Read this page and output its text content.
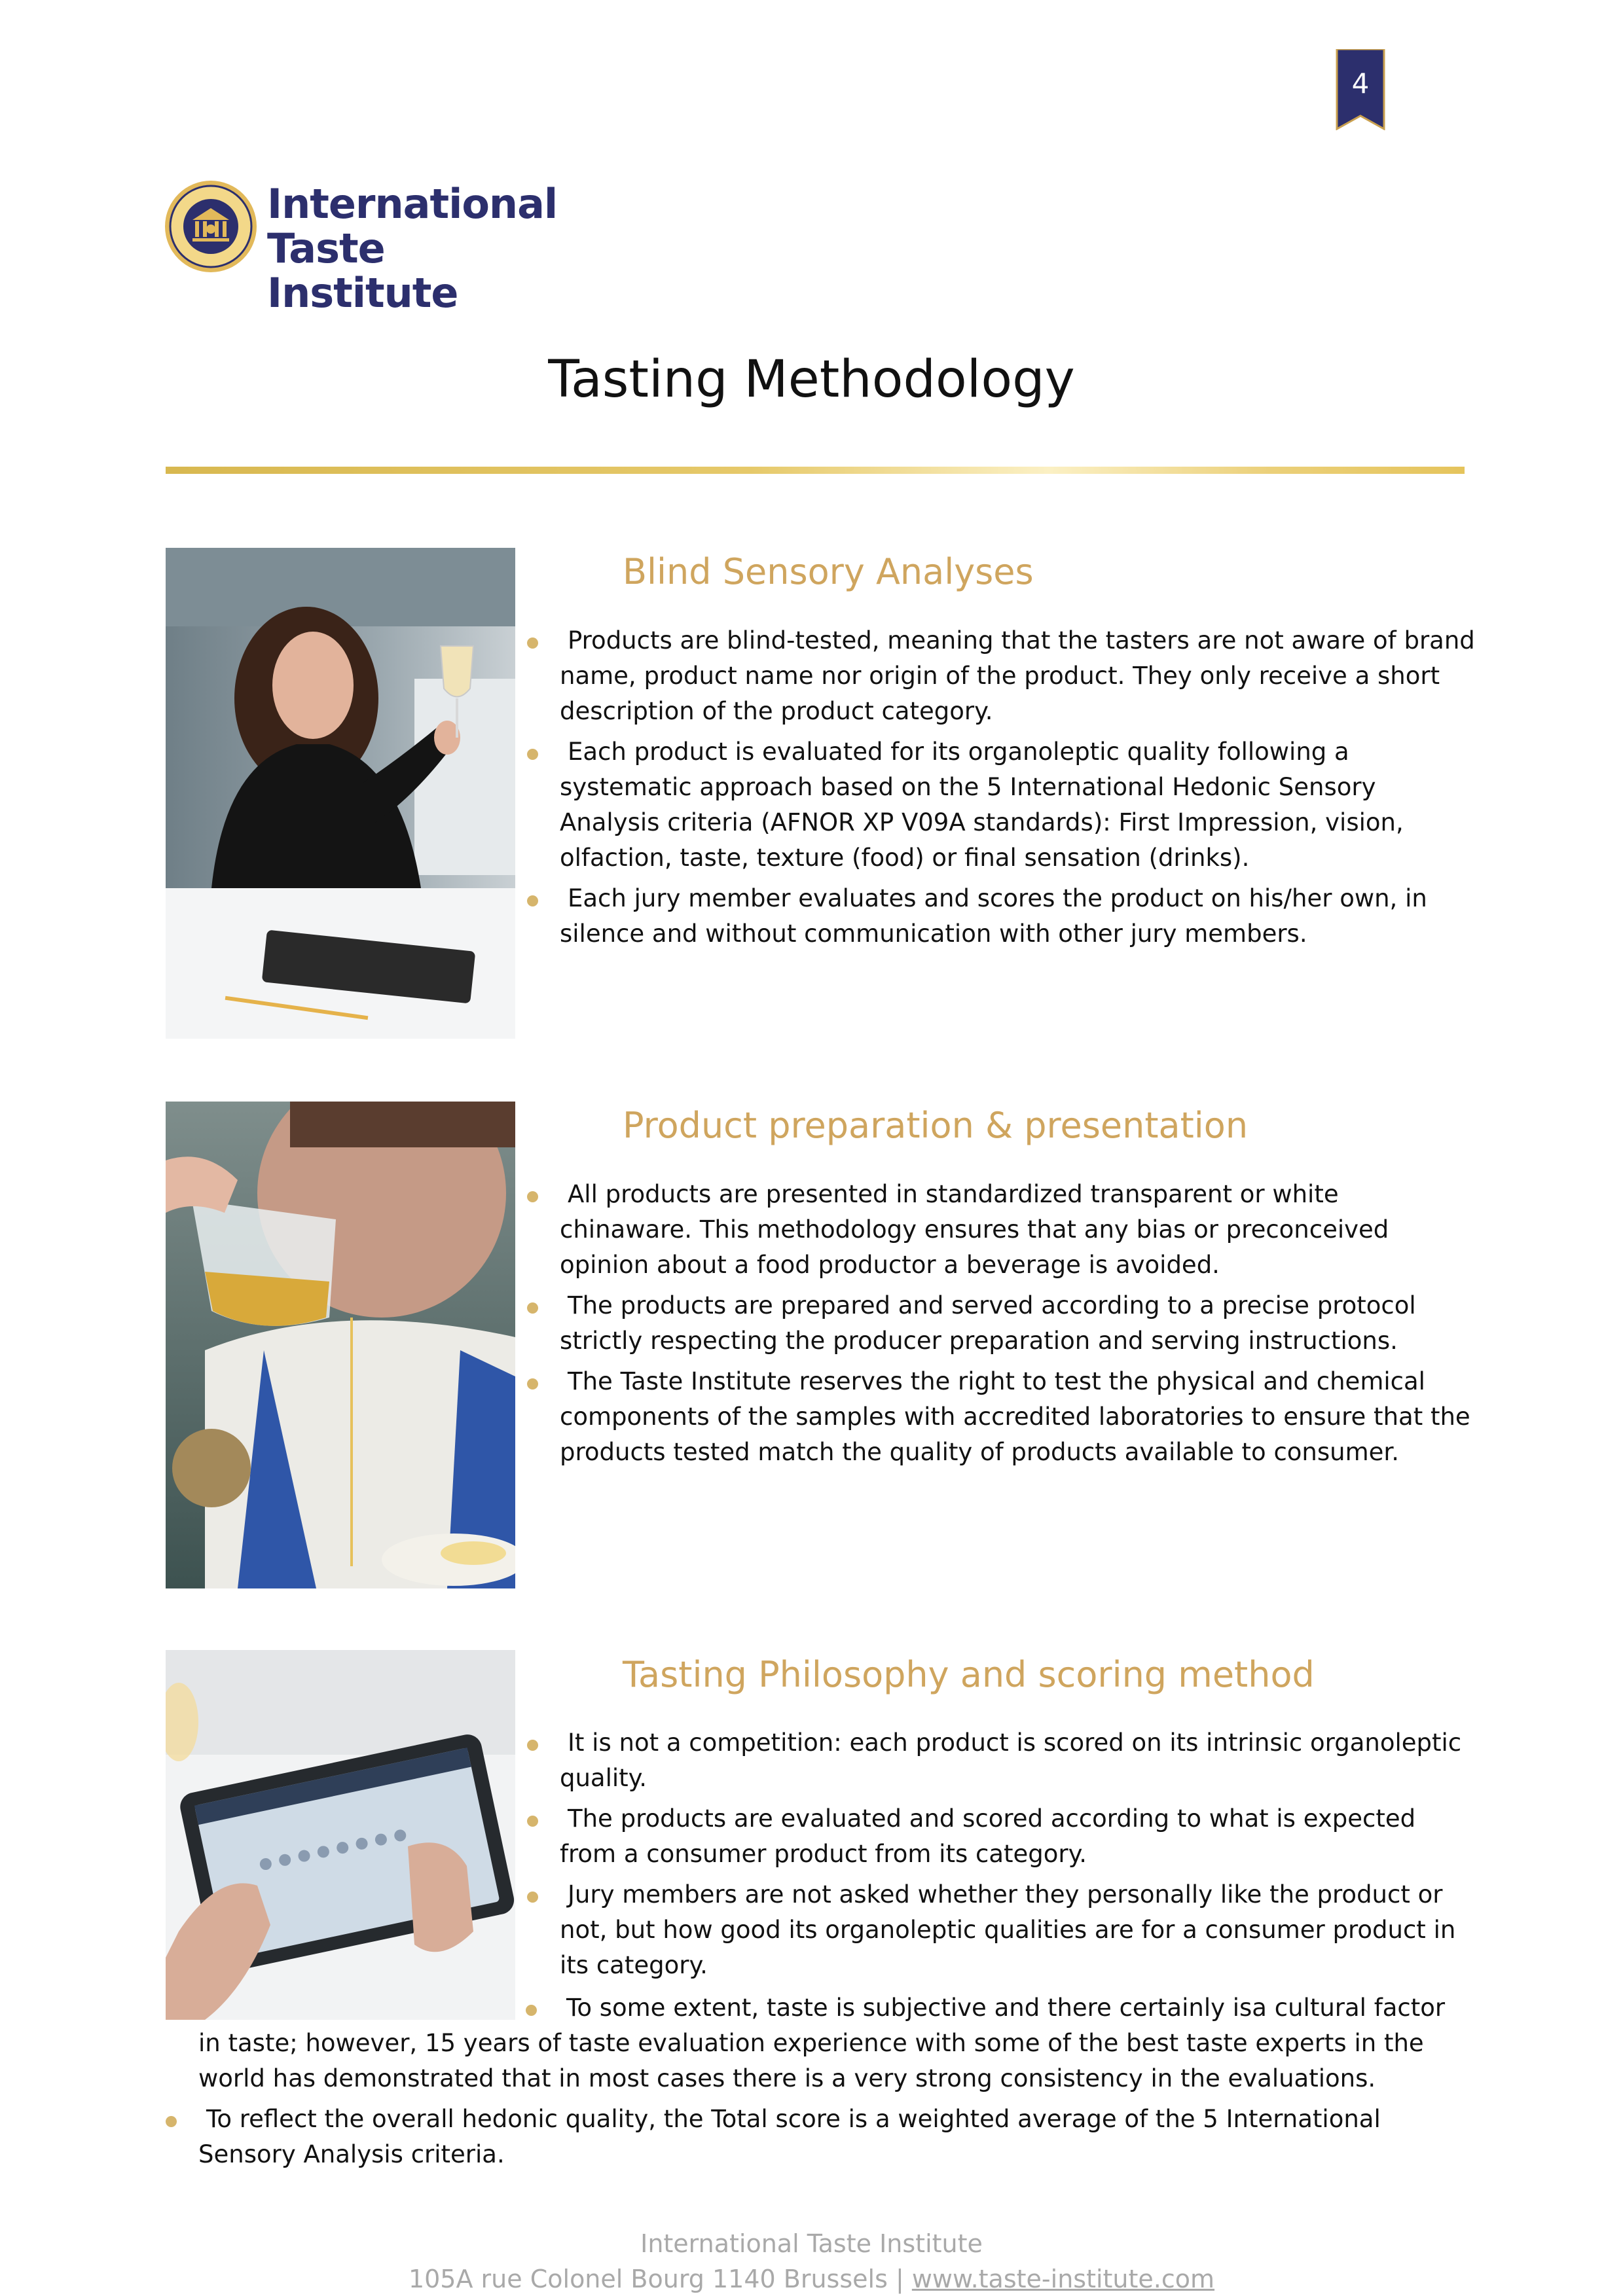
4
International
Taste Institute
Tasting Methodology
Blind Sensory Analyses
Products are blind-tested, meaning that the tasters are not aware of brand name, product name nor origin of the product. They only receive a short description of the product category.
Each product is evaluated for its organoleptic quality following a systematic approach based on the 5 International Hedonic Sensory Analysis criteria (AFNOR XP V09A standards): First Impression, vision, olfaction, taste, texture (food) or final sensation (drinks).
Each jury member evaluates and scores the product on his/her own, in silence and without communication with other jury members.
Product preparation & presentation
All products are presented in standardized transparent or white chinaware. This methodology ensures that any bias or preconceived opinion about a food productor a beverage is avoided.
The products are prepared and served according to a precise protocol strictly respecting the producer preparation and serving instructions.
The Taste Institute reserves the right to test the physical and chemical components of the samples with accredited laboratories to ensure that the products tested match the quality of products available to consumer.
Tasting Philosophy and scoring method
It is not a competition: each product is scored on its intrinsic organoleptic quality.
The products are evaluated and scored according to what is expected from a consumer product from its category.
Jury members are not asked whether they personally like the product or not, but how good its organoleptic qualities are for a consumer product in its category.
To some extent, taste is subjective and there certainly isa cultural factor in taste; however, 15 years of taste evaluation experience with some of the best taste experts in the world has demonstrated that in most cases there is a very strong consistency in the evaluations.
To reflect the overall hedonic quality, the Total score is a weighted average of the 5 International Sensory Analysis criteria.
International Taste Institute
105A rue Colonel Bourg 1140 Brussels | www.taste-institute.com
